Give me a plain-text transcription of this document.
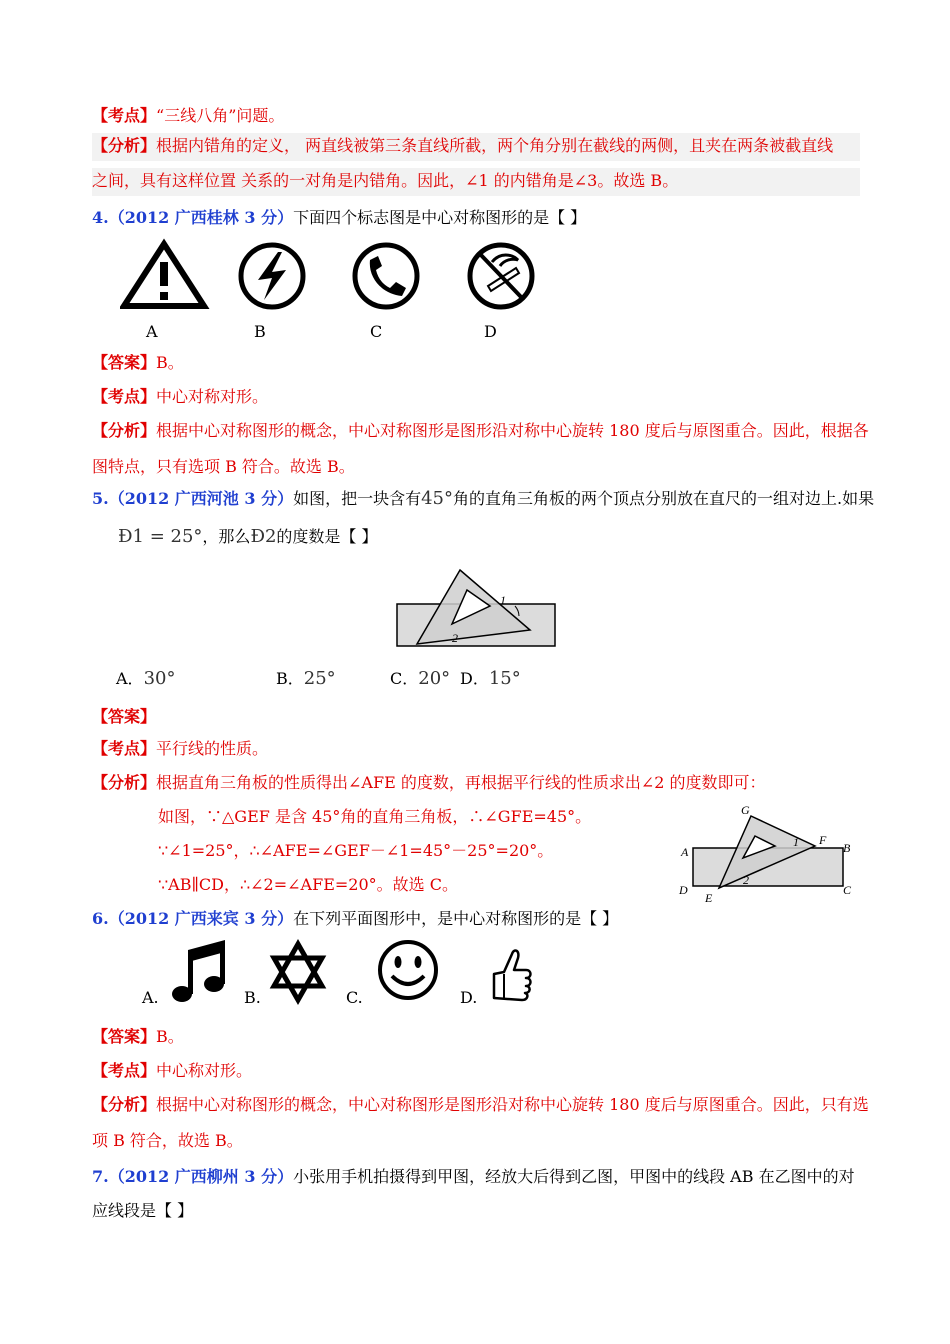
【考点】“三线八角”问题。
【分析】根据内错角的定义， 两直线被第三条直线所截，两个角分别在截线的两侧，且夹在两条被截直线
之间，具有这样位置 关系的一对角是内错角。因此，∠1 的内错角是∠3。故选 B。
4.（2012 广西桂林 3 分）下面四个标志图是中心对称图形的是【 】
A	B	C	D
【答案】B。
【考点】中心对称对形。
【分析】根据中心对称图形的概念，中心对称图形是图形沿对称中心旋转 180 度后与原图重合。因此，根据各
图特点，只有选项 B 符合。故选 B。
5.（2012 广西河池 3 分）如图，把一块含有45°角的直角三角板的两个顶点分别放在直尺的一组对边上.如果
Ð1 = 25°，那么Ð2的度数是【 】
1
2
A．30°	B．25°	C．20° D．15°
【答案】
【考点】平行线的性质。
【分析】根据直角三角板的性质得出∠AFE 的度数，再根据平行线的性质求出∠2 的度数即可：
如图，∵△GEF 是含 45°角的直角三角板，∴∠GFE=45°。
∵∠1=25°，∴∠AFE=∠GEF－∠1=45°－25°=20°。
∵AB∥CD，∴∠2=∠AFE=20°。故选 C。
G
F
A	B
D
E
C
1
2
6.（2012 广西来宾 3 分）在下列平面图形中，是中心对称图形的是【 】
A.	B.	C.	D.
【答案】B。
【考点】中心称对形。
【分析】根据中心对称图形的概念，中心对称图形是图形沿对称中心旋转 180 度后与原图重合。因此，只有选
项 B 符合，故选 B。
7.（2012 广西柳州 3 分）小张用手机拍摄得到甲图，经放大后得到乙图，甲图中的线段 AB 在乙图中的对
应线段是【 】
